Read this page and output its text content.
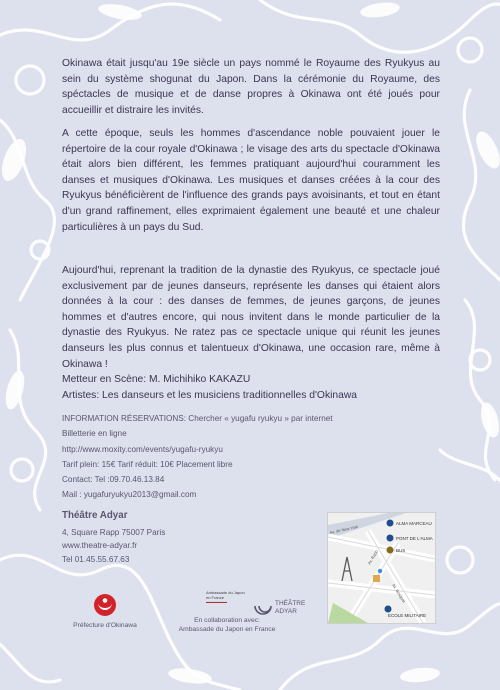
Okinawa était jusqu'au 19e siècle un pays nommé le Royaume des Ryukyus au sein du système shogunat du Japon. Dans la cérémonie du Royaume, des spéctacles de musique et de danse propres à Okinawa ont été joués pour accueillir et distraire les invités.

A cette époque, seuls les hommes d'ascendance noble pouvaient jouer le répertoire de la cour royale d'Okinawa ; le visage des arts du spectacle d'Okinawa était alors bien différent, les femmes pratiquant aujourd'hui couramment les danses et musiques d'Okinawa. Les musiques et danses créées à la cour des Ryukyus bénéficièrent de l'influence des grands pays avoisinants, et tout en étant d'un grand raffinement, elles exprimaient également une beauté et une chaleur particulières à un pays du Sud.

Aujourd'hui, reprenant la tradition de la dynastie des Ryukyus, ce spectacle joué exclusivement par de jeunes danseurs, représente les danses qui étaient alors données à la cour : des danses de femmes, de jeunes garçons, de jeunes hommes et d'autres encore, qui nous invitent dans le monde particulier de la dynastie des Ryukyus. Ne ratez pas ce spectacle unique qui réunit les jeunes danseurs les plus connus et talentueux d'Okinawa, une occasion rare, même à Okinawa !

Metteur en Scène: M. Michihiko KAKAZU
Artistes: Les danseurs et les musiciens traditionnelles d'Okinawa
INFORMATION RÉSERVATIONS: Chercher « yugafu ryukyu » par internet
Billetterie en ligne
http://www.moxity.com/events/yugafu-ryukyu
Tarif plein: 15€ Tarif réduit: 10€ Placement libre
Contact: Tel :09.70.46.13.84
Mail : yugafuryukyu2013@gmail.com
Théâtre Adyar
4, Square Rapp 75007 Paris
www.theatre-adyar.fr
Tel 01.45.55.67.63
ALMA MARCEAU
PONT DE L'ALMA
BUS
ECOLE MILITAIRE
Av. de New York
Av. Rapp
Av. Bosquet
Préfecture d'Okinawa
Ambassade du Japon
en France
▬▬▬▬▬▬
En collaboration avec:
Ambassade du Japon en France
THÉÂTRE
ADYAR
